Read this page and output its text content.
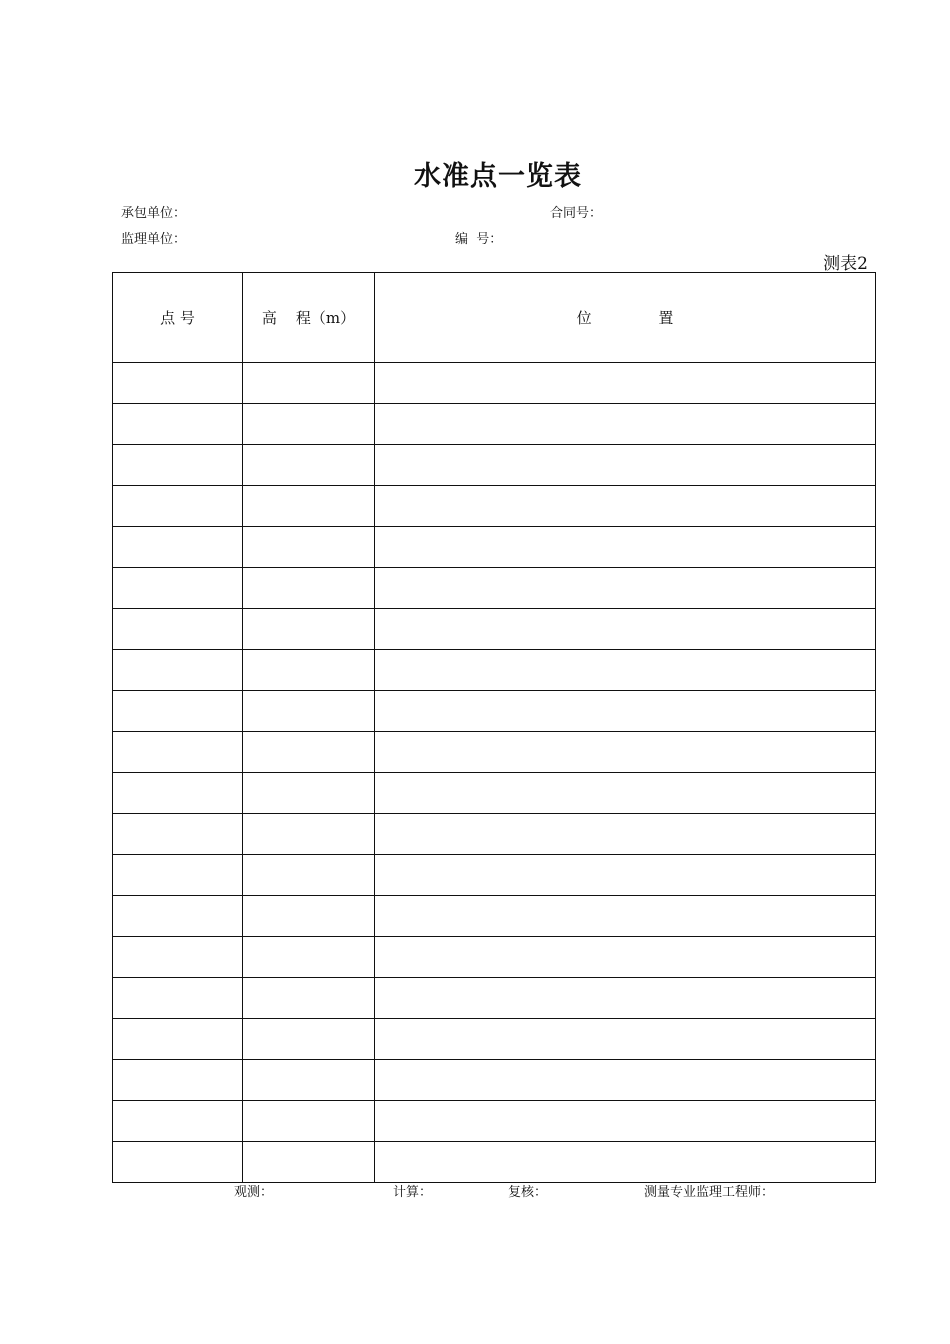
水准点一览表
承包单位：	合同号：
监理单位：	编  号：
测表2
点 号	高    程（m）	位              置

观测：	计算：	复核：	测量专业监理工程师：
